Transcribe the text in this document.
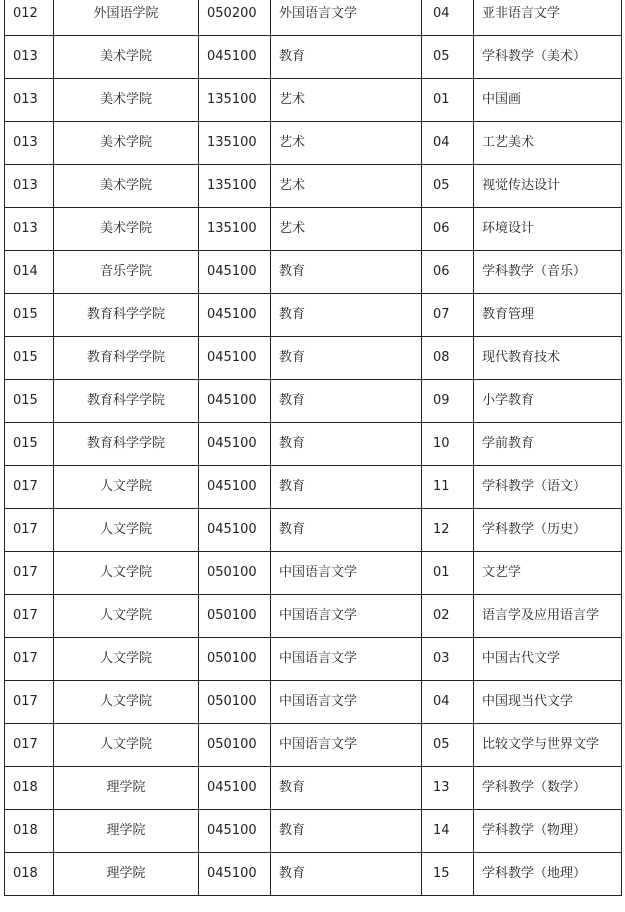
012	外国语学院	050200	外国语言文学	04	亚非语言文学
013	美术学院	045100	教育	05	学科教学（美术）
013	美术学院	135100	艺术	01	中国画
013	美术学院	135100	艺术	04	工艺美术
013	美术学院	135100	艺术	05	视觉传达设计
013	美术学院	135100	艺术	06	环境设计
014	音乐学院	045100	教育	06	学科教学（音乐）
015	教育科学学院	045100	教育	07	教育管理
015	教育科学学院	045100	教育	08	现代教育技术
015	教育科学学院	045100	教育	09	小学教育
015	教育科学学院	045100	教育	10	学前教育
017	人文学院	045100	教育	11	学科教学（语文）
017	人文学院	045100	教育	12	学科教学（历史）
017	人文学院	050100	中国语言文学	01	文艺学
017	人文学院	050100	中国语言文学	02	语言学及应用语言学
017	人文学院	050100	中国语言文学	03	中国古代文学
017	人文学院	050100	中国语言文学	04	中国现当代文学
017	人文学院	050100	中国语言文学	05	比较文学与世界文学
018	理学院	045100	教育	13	学科教学（数学）
018	理学院	045100	教育	14	学科教学（物理）
018	理学院	045100	教育	15	学科教学（地理）
